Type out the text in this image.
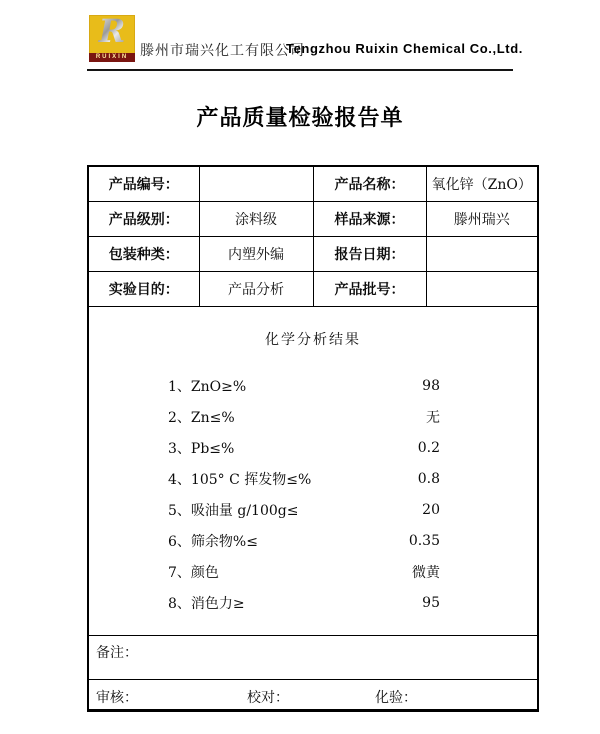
R
RUIXIN 滕州市瑞兴化工有限公司
Tengzhou Ruixin Chemical Co.,Ltd.
产品质量检验报告单
产品编号：		产品名称：	氧化锌（ZnO）
产品级别：	涂料级	样品来源：	滕州瑞兴
包装种类：	内塑外编	报告日期：	
实验目的：	产品分析	产品批号：	

化学分析结果
1、ZnO≥%	98
2、Zn≤%	无
3、Pb≤%	0.2
4、105° C 挥发物≤%	0.8
5、吸油量 g/100g≤	20
6、筛余物%≤	0.35
7、颜色	微黄
8、消色力≥	95

备注：			

审核： 校对： 化验：			
